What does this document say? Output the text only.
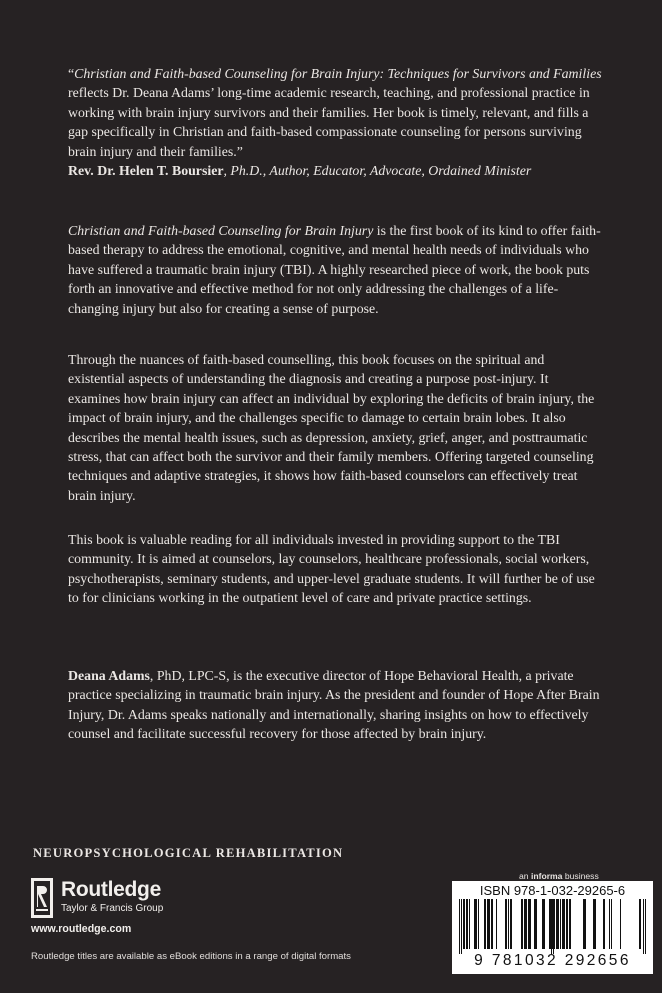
“Christian and Faith-based Counseling for Brain Injury: Techniques for Survivors and Families reflects Dr. Deana Adams’ long-time academic research, teaching, and professional practice in working with brain injury survivors and their families. Her book is timely, relevant, and fills a gap specifically in Christian and faith-based compassionate counseling for persons surviving brain injury and their families.”

Rev. Dr. Helen T. Boursier, Ph.D., Author, Educator, Advocate, Ordained Minister

Christian and Faith-based Counseling for Brain Injury is the first book of its kind to offer faith-based therapy to address the emotional, cognitive, and mental health needs of individuals who have suffered a traumatic brain injury (TBI). A highly researched piece of work, the book puts forth an innovative and effective method for not only addressing the challenges of a life-changing injury but also for creating a sense of purpose.

Through the nuances of faith-based counselling, this book focuses on the spiritual and existential aspects of understanding the diagnosis and creating a purpose post-injury. It examines how brain injury can affect an individual by exploring the deficits of brain injury, the impact of brain injury, and the challenges specific to damage to certain brain lobes. It also describes the mental health issues, such as depression, anxiety, grief, anger, and posttraumatic stress, that can affect both the survivor and their family members. Offering targeted counseling techniques and adaptive strategies, it shows how faith-based counselors can effectively treat brain injury.

This book is valuable reading for all individuals invested in providing support to the TBI community. It is aimed at counselors, lay counselors, healthcare professionals, social workers, psychotherapists, seminary students, and upper-level graduate students. It will further be of use to for clinicians working in the outpatient level of care and private practice settings.

Deana Adams, PhD, LPC-S, is the executive director of Hope Behavioral Health, a private practice specializing in traumatic brain injury. As the president and founder of Hope After Brain Injury, Dr. Adams speaks nationally and internationally, sharing insights on how to effectively counsel and facilitate successful recovery for those affected by brain injury.

NEUROPSYCHOLOGICAL REHABILITATION
Routledge
Taylor & Francis Group
www.routledge.com
Routledge titles are available as eBook editions in a range of digital formats
an informa business
ISBN 978-1-032-29265-6
9 781032 292656
